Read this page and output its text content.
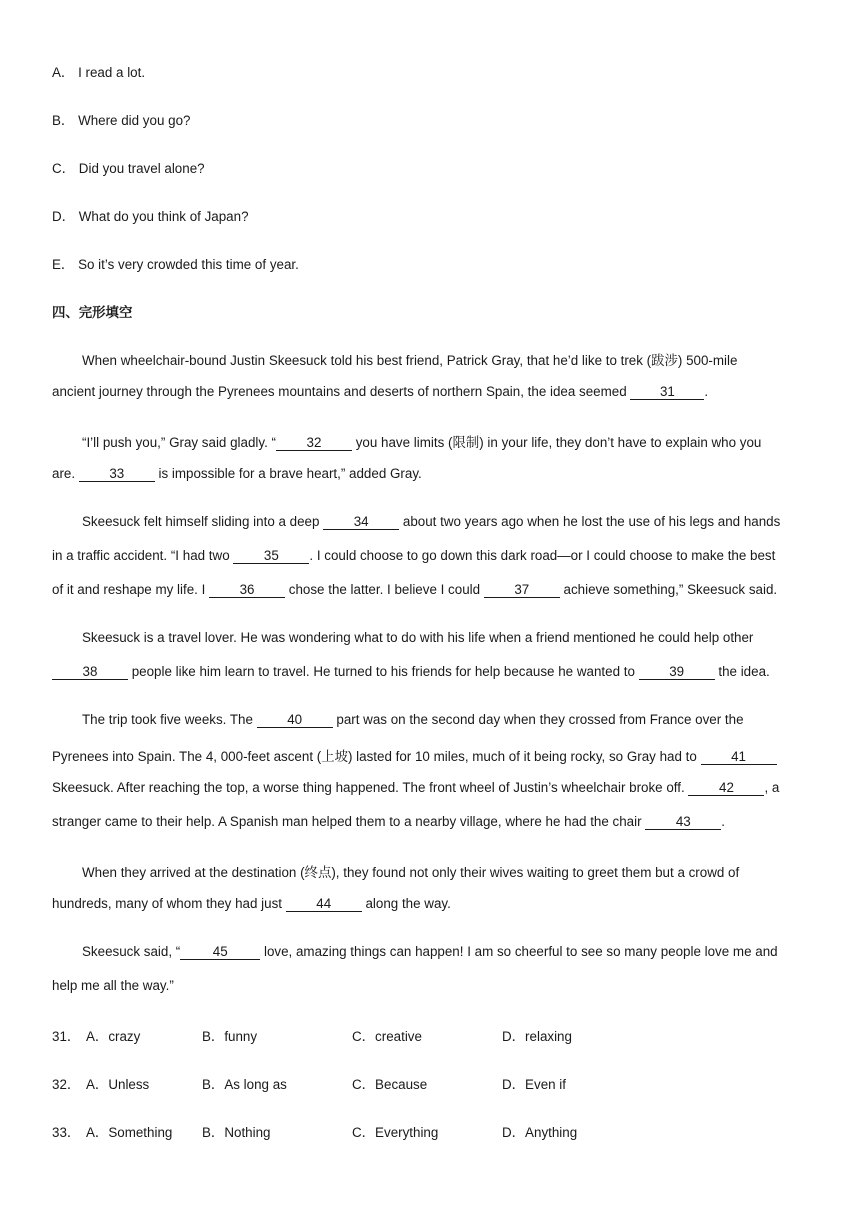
A． I read a lot.
B． Where did you go?
C． Did you travel alone?
D． What do you think of Japan?
E． So it’s very crowded this time of year.
四、完形填空
When wheelchair-bound Justin Skeesuck told his best friend, Patrick Gray, that he’d like to trek (跋涉) 500-mile
ancient journey through the Pyrenees mountains and deserts of northern Spain, the idea seemed 31 .
“I’ll push you,” Gray said gladly. “ 32 you have limits (限制) in your life, they don’t have to explain who you
are. 33 is impossible for a brave heart,” added Gray.
Skeesuck felt himself sliding into a deep 34 about two years ago when he lost the use of his legs and hands
in a traffic accident. “I had two 35 . I could choose to go down this dark road—or I could choose to make the best
of it and reshape my life. I 36 chose the latter. I believe I could 37 achieve something,” Skeesuck said.
Skeesuck is a travel lover. He was wondering what to do with his life when a friend mentioned he could help other
38 people like him learn to travel. He turned to his friends for help because he wanted to 39 the idea.
The trip took five weeks. The 40 part was on the second day when they crossed from France over the
Pyrenees into Spain. The 4, 000-feet ascent (上坡) lasted for 10 miles, much of it being rocky, so Gray had to 41
Skeesuck. After reaching the top, a worse thing happened. The front wheel of Justin’s wheelchair broke off. 42 , a
stranger came to their help. A Spanish man helped them to a nearby village, where he had the chair 43 .
When they arrived at the destination (终点), they found not only their wives waiting to greet them but a crowd of
hundreds, many of whom they had just 44 along the way.
Skeesuck said, “ 45 love, amazing things can happen! I am so cheerful to see so many people love me and
help me all the way.”
31． A．crazy	B．funny	C．creative	D．relaxing
32． A．Unless	B．As long as	C．Because	D．Even if
33． A．Something B．Nothing	C．Everything	D．Anything
